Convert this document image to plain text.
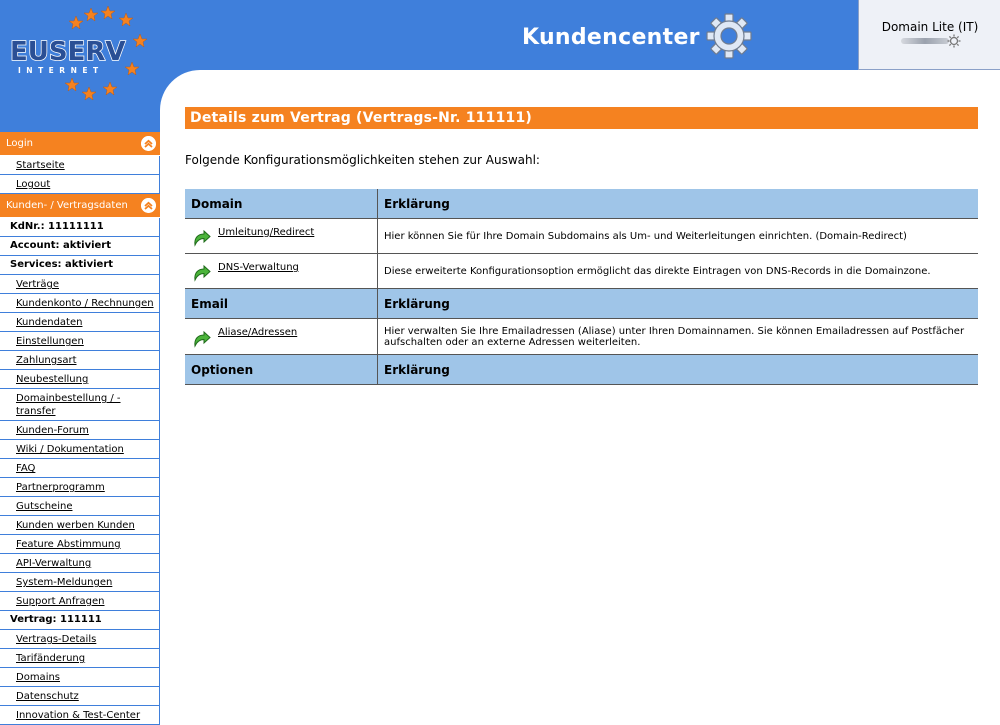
Kundencenter	Domain Lite (IT)
EUSERV
INTERNET
Login
Startseite
Logout
Kunden- / Vertragsdaten
KdNr.: 11111111
Account: aktiviert
Services: aktiviert
Verträge
Kundenkonto / Rechnungen
Kundendaten
Einstellungen
Zahlungsart
Neubestellung
Domainbestellung / -transfer
Kunden-Forum
Wiki / Dokumentation
FAQ
Partnerprogramm
Gutscheine
Kunden werben Kunden
Feature Abstimmung
API-Verwaltung
System-Meldungen
Support Anfragen
Vertrag: 111111
Vertrags-Details
Tarifänderung
Domains
Datenschutz
Innovation & Test-Center
Details zum Vertrag (Vertrags-Nr. 111111)
Folgende Konfigurationsmöglichkeiten stehen zur Auswahl:
Domain	Erklärung

Umleitung/Redirect	Hier können Sie für Ihre Domain Subdomains als Um- und Weiterleitungen einrichten. (Domain-Redirect)

DNS-Verwaltung	Diese erweiterte Konfigurationsoption ermöglicht das direkte Eintragen von DNS-Records in die Domainzone.
Email	Erklärung

Aliase/Adressen	Hier verwalten Sie Ihre Emailadressen (Aliase) unter Ihren Domainnamen. Sie können Emailadressen auf Postfächer aufschalten oder an externe Adressen weiterleiten.
Optionen	Erklärung
